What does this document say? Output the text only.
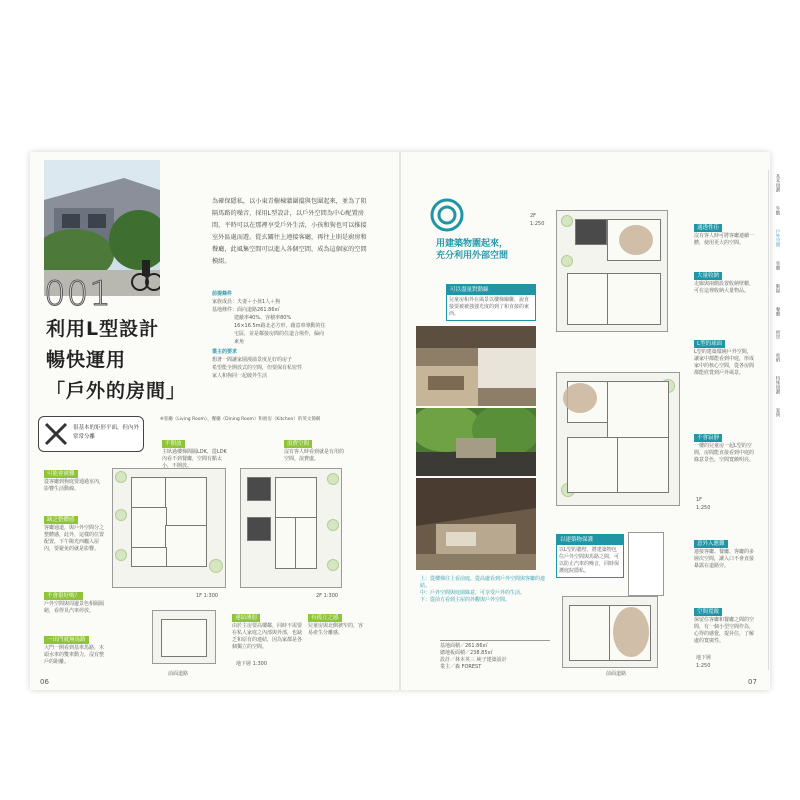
001
利用L型設計
暢快運用
「戶外的房間」
為確保隱私，以小東青樹棟牆圍擋與包圍起來，並為了阻隔馬路的噪音，採用L型設計，以戶外空間為中心配置房間，平時可以在那裡享受戶外生活，小孩和狗也可以推接室外區處而遊。從玄關往上連接客廳，再往上則是廚房和餐廳，此風集空間可以進入各個空間，成為這個家的空間模組。
前提條件
家族成員：夫妻＋小孩1人＋狗
基地條件：面向道路261.86㎡
建蔽率40%、容積率80%
16×16.5m路北必方形，藉意車導動的住
宅區，並是鄰接房間的住道合場作，偏向
東角
業主的要求
想著一間讓家園漫溢景度足好的房子
希望能全開放式的空間，但要保有私密性
家人和狗同一起破外生活
很基本的矩形平面，但內外常常分離
※客廳（Living Room）、餐廳（Dining Room）和廚房（Kitchen）的英文簡稱
1F 1:300	2F 1:300
地下層 1:300
前面道路
可能會被難
從客廳到狗庭要通過室內，影響生活動線。
缺乏整體感
客廳通道，與戶外空間分之整體感，此外，這樣的位置配置，下午陽光西曬入屋內，要避免的就是影響。
不會很好嗎？
戶外空間與周邊景色相隔隔絕，看得見汽車停放。
一出門就無馬路
大門一開看到基車馬路，木頭水車的雙車動力，沒有整戶的距離。
不開放
主臥過樓梯間隔LDK，從LDK內看不到餐廳，空間有點太小，不開放。
浪費空間
沒有客人時看到就是有用的空間，浪費處。
連結薄弱
由於主房要高樓鄰，同時不需要在私人家庭之內部與外部，也缺乏和原有的連結，因為家都是各個獨立的空間。
有孤立之感
兒童房與北側狹窄的，容易產生分離感。
06
用建築物圍起來，
充分利用外部空間
2F
1:250
1F
1:250
地下層
1:250
前面道路
可以盡量對動線
兒童房和外在風景以樓梯關聯，說直接要被被強強光度的到了和直接的東西。
以建築物保護
以L型的牆壁，將建築物包住戶外空間與馬路之間，可以防止汽車的噪音，同時保護庭院隱私。
通透性佳
沒有客人時可將客廳連續一體，使用更大的空間。
大量收納
走廊與兩側設置收納壁櫃，可在這裡收納大量物品。
L型的球面
L型的建築環繞戶外空間，讓家中都能看到中庭，形成家中的核心空間，從各房間都能欣賞到戶外風景。
不會寂靜
一樓的兒童房一起L型的空間，房間能直接看到中庭的綠意景色，空間寬敞明亮。
意外入應難
連接客廳、餐廳、客廳的多層次空間，讓入口不會直接暴露在道路旁。
空間寬敞
保留住客廳和餐廳之間的空間，有一個小型空間作為，心得的感覺，提昇住，了解處的寬廣性。
上：從樓梯往上看前庭，從高處看到戶外空間與客廳的連結。
中：戶外空間與庭園綠意，可享受戶外的生活。
下：從前方看到主屋的外觀與戶外空間。
基地面積／261.86㎡
總地板面積／238.85㎡
設計／林本英三 純子建築設計
業主／森 FOREST
基本規劃
外觀
戶外空間
客廳
動線
餐廳
廚房
收納
特殊規劃
案例
07
